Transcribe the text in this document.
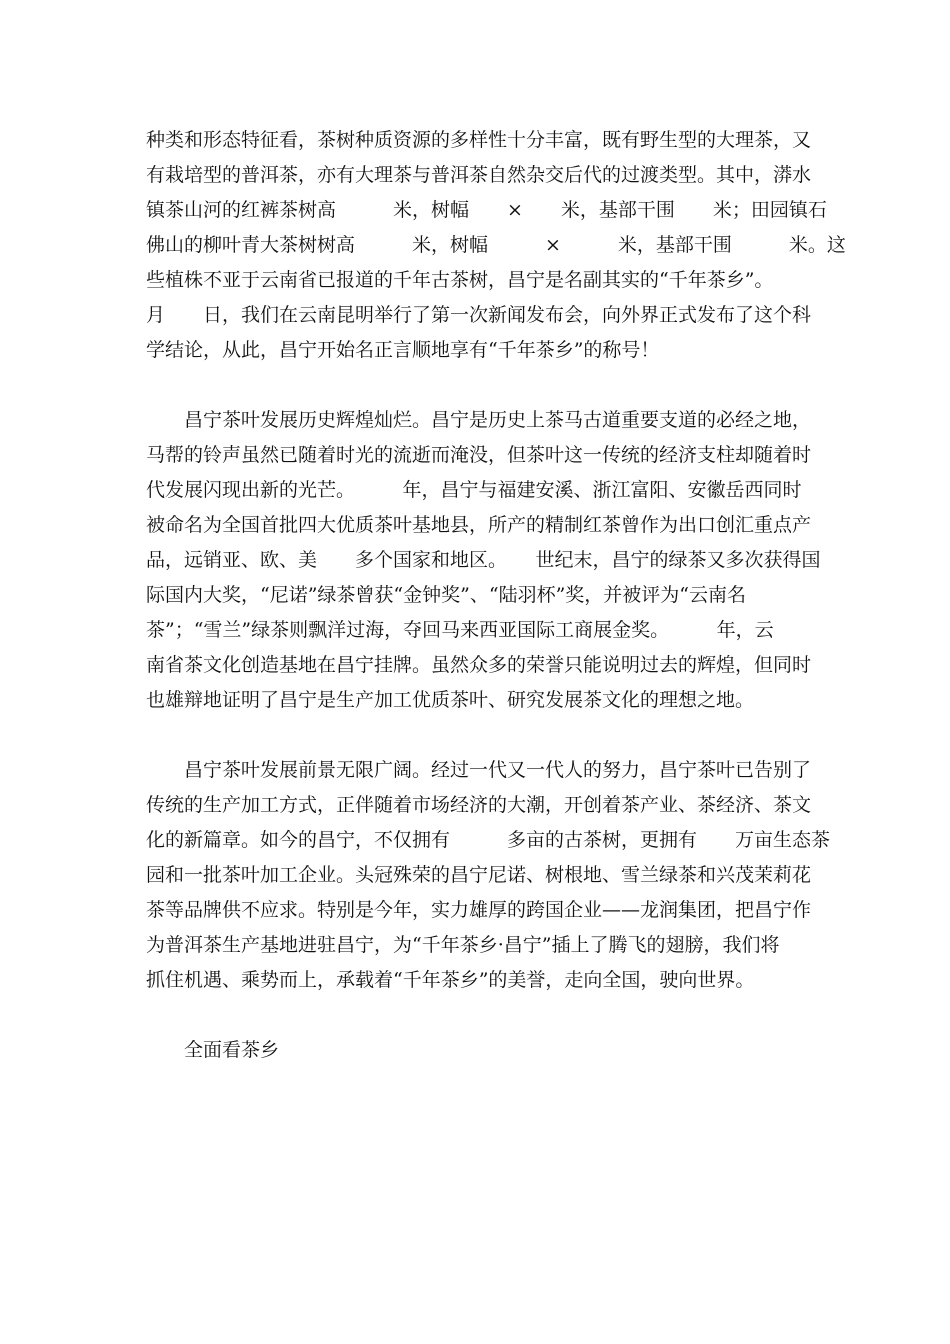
种类和形态特征看，茶树种质资源的多样性十分丰富，既有野生型的大理茶，又
有栽培型的普洱茶，亦有大理茶与普洱茶自然杂交后代的过渡类型。其中，漭水
镇茶山河的红裤茶树高　　　米，树幅　　×　　米，基部干围　　米；田园镇石
佛山的柳叶青大茶树树高　　　米，树幅　　　×　　　米，基部干围　　　米。这
些植株不亚于云南省已报道的千年古茶树，昌宁是名副其实的“千年茶乡”。
月　　日，我们在云南昆明举行了第一次新闻发布会，向外界正式发布了这个科
学结论，从此，昌宁开始名正言顺地享有“千年茶乡”的称号！
　　昌宁茶叶发展历史辉煌灿烂。昌宁是历史上茶马古道重要支道的必经之地，
马帮的铃声虽然已随着时光的流逝而淹没，但茶叶这一传统的经济支柱却随着时
代发展闪现出新的光芒。　　　年，昌宁与福建安溪、浙江富阳、安徽岳西同时
被命名为全国首批四大优质茶叶基地县，所产的精制红茶曾作为出口创汇重点产
品，远销亚、欧、美　　多个国家和地区。　　世纪末，昌宁的绿茶又多次获得国
际国内大奖，“尼诺”绿茶曾获“金钟奖”、“陆羽杯”奖，并被评为“云南名
茶”；“雪兰”绿茶则飘洋过海，夺回马来西亚国际工商展金奖。　　　年，云
南省茶文化创造基地在昌宁挂牌。虽然众多的荣誉只能说明过去的辉煌，但同时
也雄辩地证明了昌宁是生产加工优质茶叶、研究发展茶文化的理想之地。
　　昌宁茶叶发展前景无限广阔。经过一代又一代人的努力，昌宁茶叶已告别了
传统的生产加工方式，正伴随着市场经济的大潮，开创着茶产业、茶经济、茶文
化的新篇章。如今的昌宁，不仅拥有　　　多亩的古茶树，更拥有　　万亩生态茶
园和一批茶叶加工企业。头冠殊荣的昌宁尼诺、树根地、雪兰绿茶和兴茂茉莉花
茶等品牌供不应求。特别是今年，实力雄厚的跨国企业——龙润集团，把昌宁作
为普洱茶生产基地进驻昌宁，为“千年茶乡·昌宁”插上了腾飞的翅膀，我们将
抓住机遇、乘势而上，承载着“千年茶乡”的美誉，走向全国，驶向世界。
　　全面看茶乡
